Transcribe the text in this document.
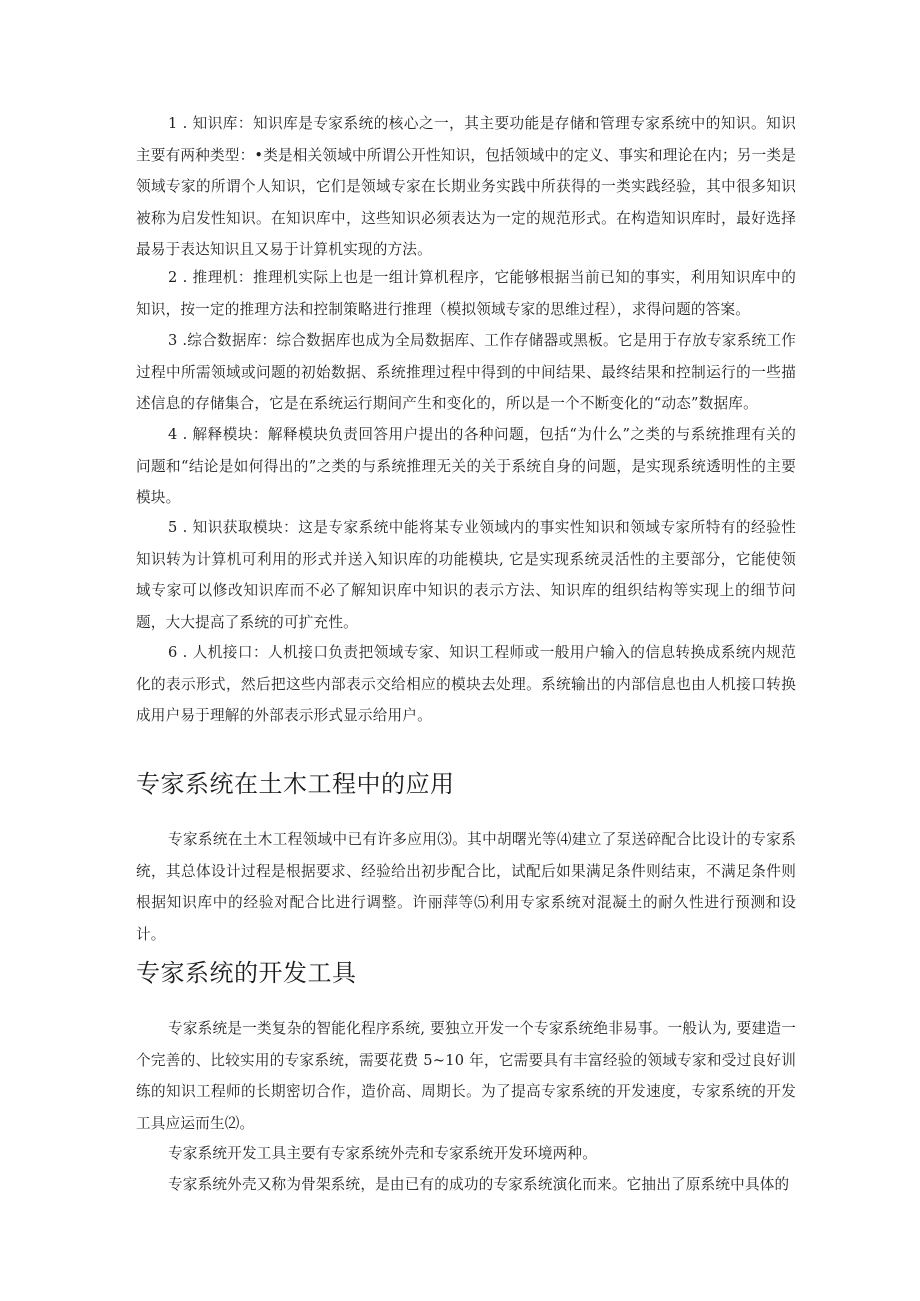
1 . 知识库：知识库是专家系统的核心之一，其主要功能是存储和管理专家系统中的知识。知识主要有两种类型：•类是相关领域中所谓公开性知识，包括领域中的定义、事实和理论在内；另一类是领域专家的所谓个人知识，它们是领域专家在长期业务实践中所获得的一类实践经验，其中很多知识被称为启发性知识。在知识库中，这些知识必须表达为一定的规范形式。在构造知识库时，最好选择最易于表达知识且又易于计算机实现的方法。

2 . 推理机：推理机实际上也是一组计算机程序，它能够根据当前已知的事实，利用知识库中的知识，按一定的推理方法和控制策略进行推理（模拟领域专家的思维过程），求得问题的答案。

3 .综合数据库：综合数据库也成为全局数据库、工作存储器或黑板。它是用于存放专家系统工作过程中所需领域或问题的初始数据、系统推理过程中得到的中间结果、最终结果和控制运行的一些描述信息的存储集合，它是在系统运行期间产生和变化的，所以是一个不断变化的“动态”数据库。

4 . 解释模块：解释模块负责回答用户提出的各种问题，包括“为什么”之类的与系统推理有关的问题和“结论是如何得出的”之类的与系统推理无关的关于系统自身的问题，是实现系统透明性的主要模块。

5 . 知识获取模块：这是专家系统中能将某专业领域内的事实性知识和领域专家所特有的经验性知识转为计算机可利用的形式并送入知识库的功能模块, 它是实现系统灵活性的主要部分，它能使领域专家可以修改知识库而不必了解知识库中知识的表示方法、知识库的组织结构等实现上的细节问题，大大提高了系统的可扩充性。

6 . 人机接口：人机接口负责把领域专家、知识工程师或一般用户输入的信息转换成系统内规范化的表示形式，然后把这些内部表示交给相应的模块去处理。系统输出的内部信息也由人机接口转换成用户易于理解的外部表示形式显示给用户。

专家系统在土木工程中的应用

专家系统在土木工程领域中已有许多应用⑶。其中胡曙光等⑷建立了泵送碎配合比设计的专家系统，其总体设计过程是根据要求、经验给出初步配合比，试配后如果满足条件则结束，不满足条件则根据知识库中的经验对配合比进行调整。许丽萍等⑸利用专家系统对混凝土的耐久性进行预测和设计。

专家系统的开发工具

专家系统是一类复杂的智能化程序系统, 要独立开发一个专家系统绝非易事。一般认为, 要建造一个完善的、比较实用的专家系统，需要花费 5~10 年，它需要具有丰富经验的领域专家和受过良好训练的知识工程师的长期密切合作，造价高、周期长。为了提高专家系统的开发速度，专家系统的开发工具应运而生⑵。

专家系统开发工具主要有专家系统外壳和专家系统开发环境两种。

专家系统外壳又称为骨架系统，是由已有的成功的专家系统演化而来。它抽出了原系统中具体的
